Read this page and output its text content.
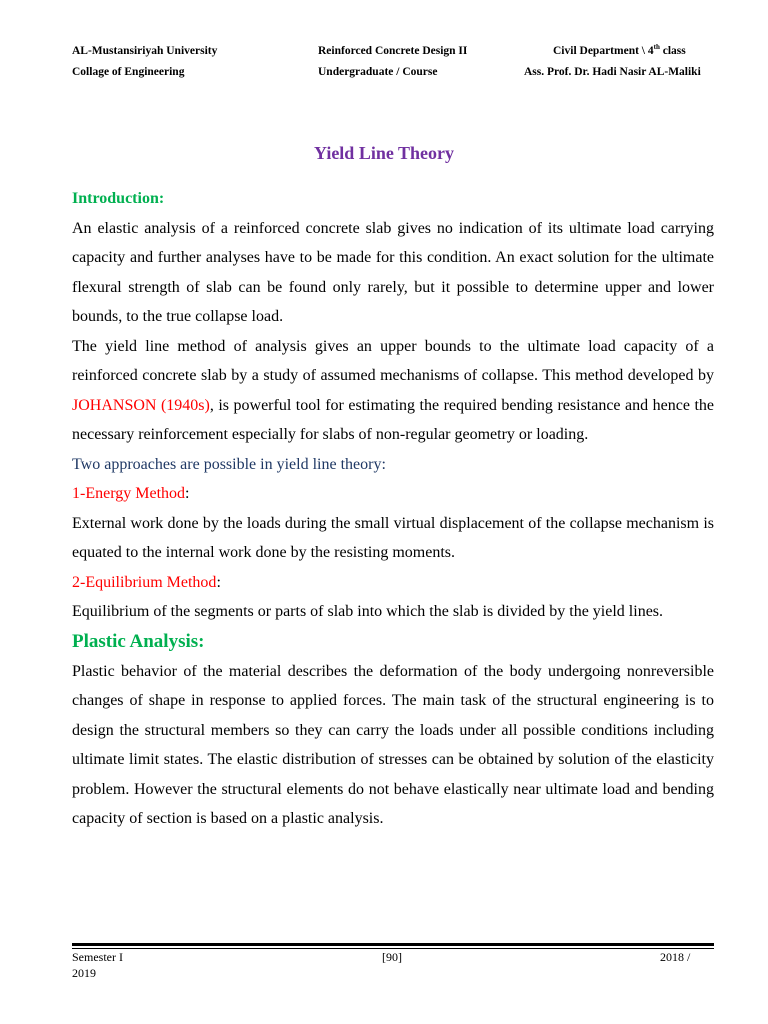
AL-Mustansiriyah University
Collage of Engineering
Reinforced Concrete Design II
Undergraduate / Course
Civil Department \ 4th class
Ass. Prof. Dr. Hadi Nasir AL-Maliki
Yield Line Theory

Introduction:

An elastic analysis of a reinforced concrete slab gives no indication of its ultimate load carrying capacity and further analyses have to be made for this condition. An exact solution for the ultimate flexural strength of slab can be found only rarely, but it possible to determine upper and lower bounds, to the true collapse load.

The yield line method of analysis gives an upper bounds to the ultimate load capacity of a reinforced concrete slab by a study of assumed mechanisms of collapse. This method developed by JOHANSON (1940s), is powerful tool for estimating the required bending resistance and hence the necessary reinforcement especially for slabs of non-regular geometry or loading.

Two approaches are possible in yield line theory:

1-Energy Method:

External work done by the loads during the small virtual displacement of the collapse mechanism is equated to the internal work done by the resisting moments.

2-Equilibrium Method:

Equilibrium of the segments or parts of slab into which the slab is divided by the yield lines.

Plastic Analysis:

Plastic behavior of the material describes the deformation of the body undergoing nonreversible changes of shape in response to applied forces. The main task of the structural engineering is to design the structural members so they can carry the loads under all possible conditions including ultimate limit states. The elastic distribution of stresses can be obtained by solution of the elasticity problem. However the structural elements do not behave elastically near ultimate load and bending capacity of section is based on a plastic analysis.

Semester I	[90]	2018 /
2019
